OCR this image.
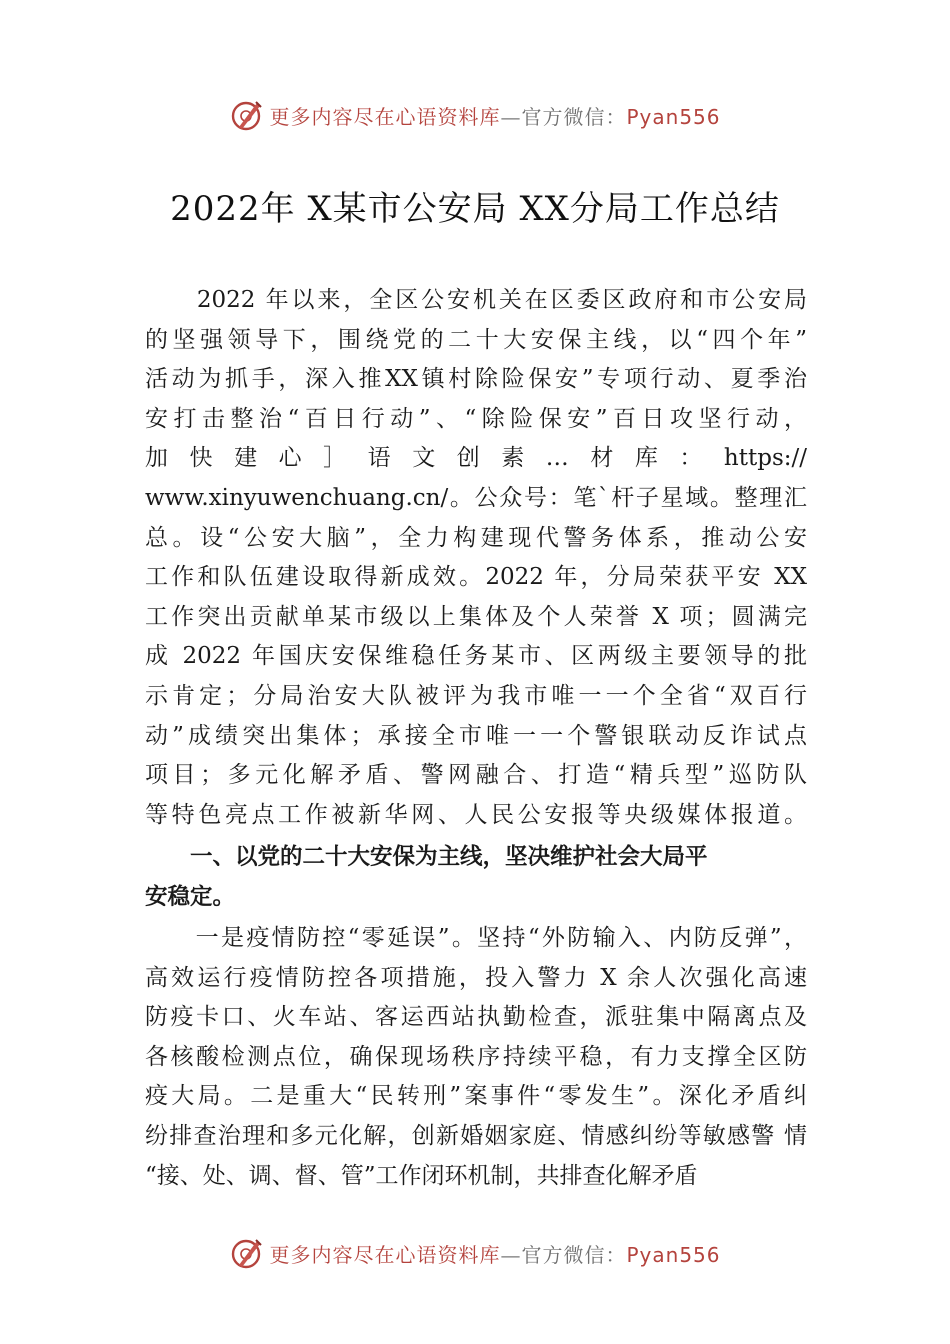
更多内容尽在心语资料库—官方微信：Pyan556
2022年 X某市公安局 XX分局工作总结

　　2022 年以来，全区公安机关在区委区政府和市公安局
的坚强领导下，围绕党的二十大安保主线，以“四个年”
活动为抓手，深入推XX镇村除险保安”专项行动、夏季治
安打击整治“百日行动”、“除险保安”百日攻坚行动，
加快建心］语文创素…材库：https://
www.xinyuwenchuang.cn/。公众号：笔`杆子星域。整理汇
总。设“公安大脑”，全力构建现代警务体系，推动公安
工作和队伍建设取得新成效。2022 年，分局荣获平安 XX
工作突出贡献单某市级以上集体及个人荣誉 X 项；圆满完
成 2022 年国庆安保维稳任务某市、区两级主要领导的批
示肯定；分局治安大队被评为我市唯一一个全省“双百行
动”成绩突出集体；承接全市唯一一个警银联动反诈试点
项目；多元化解矛盾、警网融合、打造“精兵型”巡防队
等特色亮点工作被新华网、人民公安报等央级媒体报道。

　　一、以党的二十大安保为主线，坚决维护社会大局平
安稳定。

　　一是疫情防控“零延误”。坚持“外防输入、内防反弹”，
高效运行疫情防控各项措施，投入警力 X 余人次强化高速
防疫卡口、火车站、客运西站执勤检查，派驻集中隔离点及
各核酸检测点位，确保现场秩序持续平稳，有力支撑全区防
疫大局。二是重大“民转刑”案事件“零发生”。深化矛盾纠
纷排查治理和多元化解，创新婚姻家庭、情感纠纷等敏感警 情
“接、处、调、督、管”工作闭环机制，共排查化解矛盾

更多内容尽在心语资料库—官方微信：Pyan556
